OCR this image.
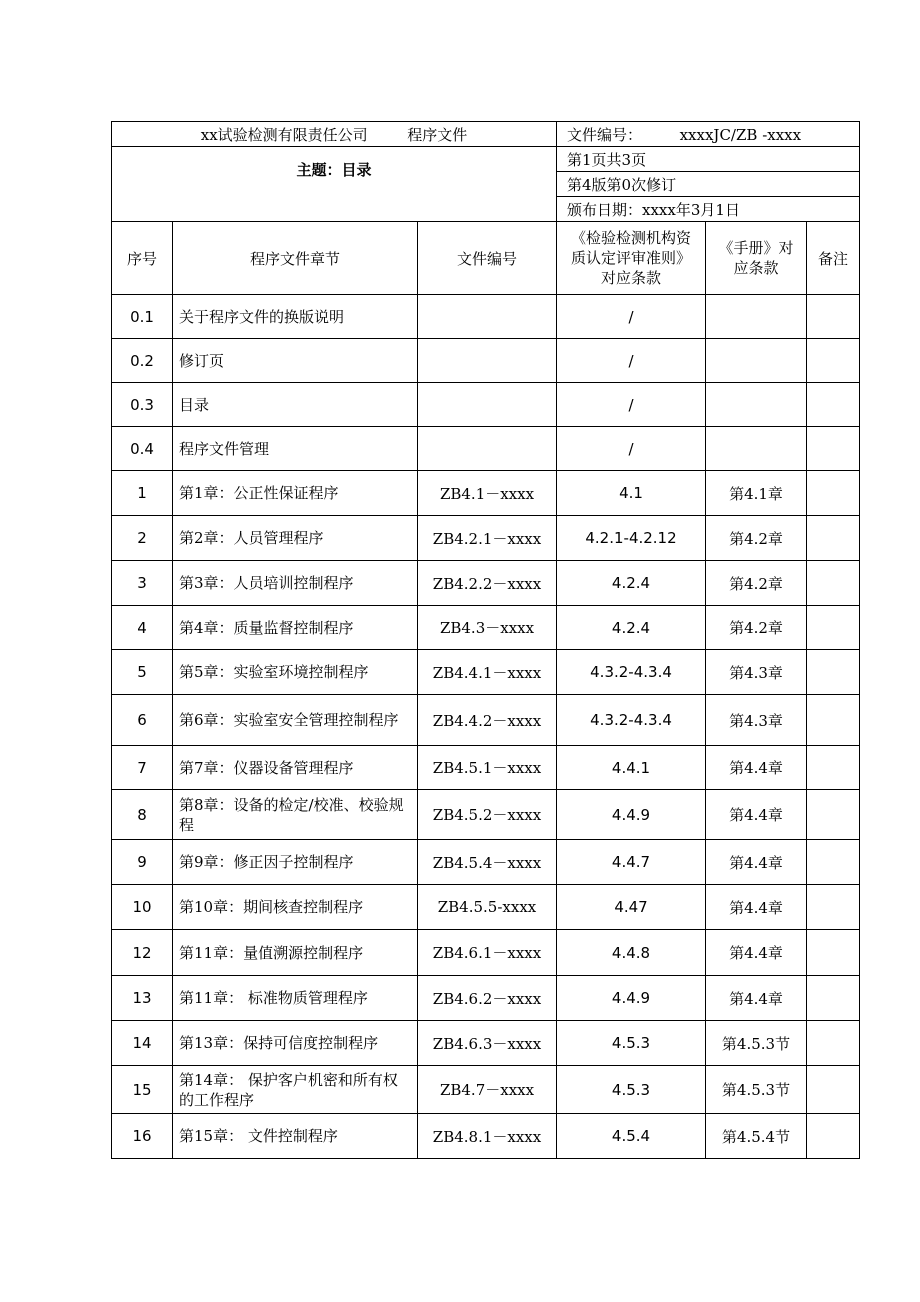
xx试验检测有限责任公司 程序文件			文件编号： xxxxJC/ZB -xxxx		
主题：目录			第1页共3页		
			第4版第0次修订		
			颁布日期：xxxx年3月1日		
序号	程序文件章节	文件编号	《检验检测机构资质认定评审准则》对应条款	《手册》对应条款	备注
0.1	关于程序文件的换版说明		/		
0.2	修订页		/		
0.3	目录		/		
0.4	程序文件管理		/		
1	第1章：公正性保证程序	ZB4.1－xxxx	4.1	第4.1章	
2	第2章：人员管理程序	ZB4.2.1－xxxx	4.2.1-4.2.12	第4.2章	
3	第3章：人员培训控制程序	ZB4.2.2－xxxx	4.2.4	第4.2章	
4	第4章：质量监督控制程序	ZB4.3－xxxx	4.2.4	第4.2章	
5	第5章：实验室环境控制程序	ZB4.4.1－xxxx	4.3.2-4.3.4	第4.3章	
6	第6章：实验室安全管理控制程序	ZB4.4.2－xxxx	4.3.2-4.3.4	第4.3章	
7	第7章：仪器设备管理程序	ZB4.5.1－xxxx	4.4.1	第4.4章	
8	第8章：设备的检定/校准、校验规程	ZB4.5.2－xxxx	4.4.9	第4.4章	
9	第9章：修正因子控制程序	ZB4.5.4－xxxx	4.4.7	第4.4章	
10	第10章：期间核查控制程序	ZB4.5.5-xxxx	4.47	第4.4章	
12	第11章：量值溯源控制程序	ZB4.6.1－xxxx	4.4.8	第4.4章	
13	第11章： 标准物质管理程序	ZB4.6.2－xxxx	4.4.9	第4.4章	
14	第13章：保持可信度控制程序	ZB4.6.3－xxxx	4.5.3	第4.5.3节	
15	第14章： 保护客户机密和所有权的工作程序	ZB4.7－xxxx	4.5.3	第4.5.3节	
16	第15章： 文件控制程序	ZB4.8.1－xxxx	4.5.4	第4.5.4节	
